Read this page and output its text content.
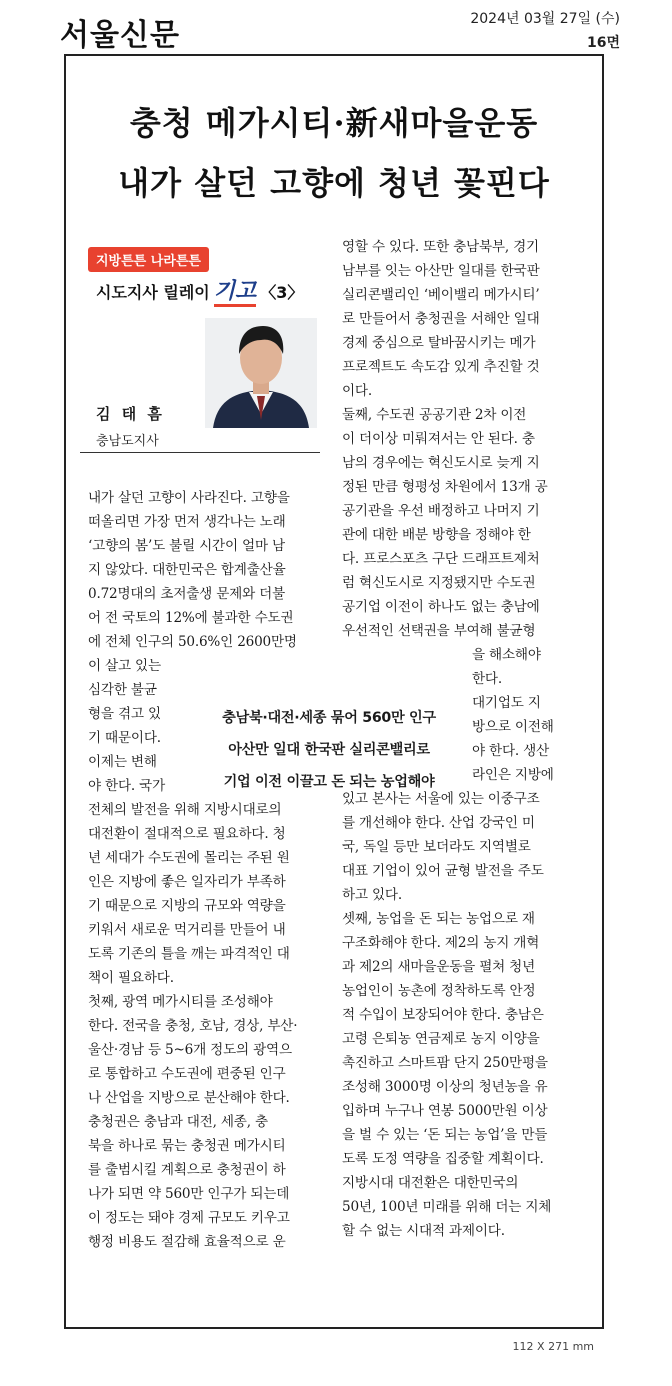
서울신문	2024년 03월 27일 (수)
16면
충청 메가시티·新새마을운동
내가 살던 고향에 청년 꽃핀다
지방튼튼 나라튼튼
시도지사 릴레이 기고 〈3〉
김 태 흠
충남도지사
내가 살던 고향이 사라진다. 고향을
떠올리면 가장 먼저 생각나는 노래
‘고향의 봄’도 불릴 시간이 얼마 남
지 않았다. 대한민국은 합계출산율
0.72명대의 초저출생 문제와 더불
어 전 국토의 12%에 불과한 수도권
에 전체 인구의 50.6%인 2600만명
이 살고 있는
심각한 불균
형을 겪고 있
기 때문이다.
이제는 변해
야 한다. 국가
전체의 발전을 위해 지방시대로의
대전환이 절대적으로 필요하다. 청
년 세대가 수도권에 몰리는 주된 원
인은 지방에 좋은 일자리가 부족하
기 때문으로 지방의 규모와 역량을
키워서 새로운 먹거리를 만들어 내
도록 기존의 틀을 깨는 파격적인 대
책이 필요하다.
첫째, 광역 메가시티를 조성해야
한다. 전국을 충청, 호남, 경상, 부산·
울산·경남 등 5~6개 정도의 광역으
로 통합하고 수도권에 편중된 인구
나 산업을 지방으로 분산해야 한다.
충청권은 충남과 대전, 세종, 충
북을 하나로 묶는 충청권 메가시티
를 출범시킬 계획으로 충청권이 하
나가 되면 약 560만 인구가 되는데
이 정도는 돼야 경제 규모도 키우고
행정 비용도 절감해 효율적으로 운
영할 수 있다. 또한 충남북부, 경기
남부를 잇는 아산만 일대를 한국판
실리콘밸리인 ‘베이밸리 메가시티’
로 만들어서 충청권을 서해안 일대
경제 중심으로 탈바꿈시키는 메가
프로젝트도 속도감 있게 추진할 것
이다.
둘째, 수도권 공공기관 2차 이전
이 더이상 미뤄져서는 안 된다. 충
남의 경우에는 혁신도시로 늦게 지
정된 만큼 형평성 차원에서 13개 공
공기관을 우선 배정하고 나머지 기
관에 대한 배분 방향을 정해야 한
다. 프로스포츠 구단 드래프트제처
럼 혁신도시로 지정됐지만 수도권
공기업 이전이 하나도 없는 충남에
우선적인 선택권을 부여해 불균형
을 해소해야
한다.
대기업도 지
방으로 이전해
야 한다. 생산
라인은 지방에
있고 본사는 서울에 있는 이중구조
를 개선해야 한다. 산업 강국인 미
국, 독일 등만 보더라도 지역별로
대표 기업이 있어 균형 발전을 주도
하고 있다.
셋째, 농업을 돈 되는 농업으로 재
구조화해야 한다. 제2의 농지 개혁
과 제2의 새마을운동을 펼쳐 청년
농업인이 농촌에 정착하도록 안정
적 수입이 보장되어야 한다. 충남은
고령 은퇴농 연금제로 농지 이양을
촉진하고 스마트팜 단지 250만평을
조성해 3000명 이상의 청년농을 유
입하며 누구나 연봉 5000만원 이상
을 벌 수 있는 ‘돈 되는 농업’을 만들
도록 도정 역량을 집중할 계획이다.
지방시대 대전환은 대한민국의
50년, 100년 미래를 위해 더는 지체
할 수 없는 시대적 과제이다.
충남북·대전·세종 묶어 560만 인구
아산만 일대 한국판 실리콘밸리로
기업 이전 이끌고 돈 되는 농업해야
112 X 271 mm
